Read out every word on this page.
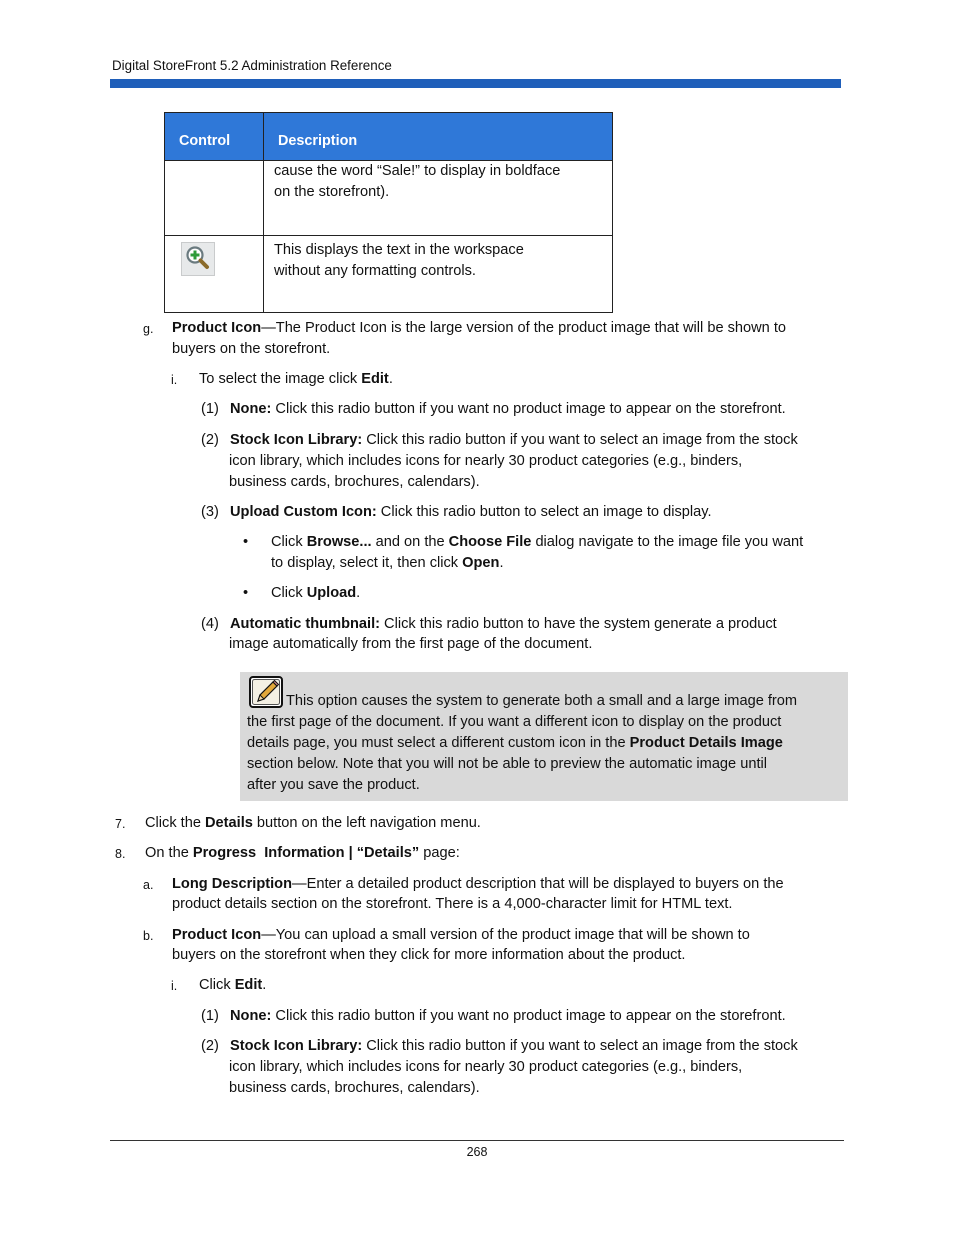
Digital StoreFront 5.2 Administration Reference
Control	Description

	cause the word “Sale!” to display in boldface
on the storefront).

This displays the text in the workspace
without any formatting controls.
g. Product Icon—The Product Icon is the large version of the product image that will be shown to
buyers on the storefront.
i. To select the image click Edit.
(1) None: Click this radio button if you want no product image to appear on the storefront.
(2) Stock Icon Library: Click this radio button if you want to select an image from the stock
icon library, which includes icons for nearly 30 product categories (e.g., binders,
business cards, brochures, calendars).
(3) Upload Custom Icon: Click this radio button to select an image to display.
• Click Browse... and on the Choose File dialog navigate to the image file you want
to display, select it, then click Open.
• Click Upload.
(4) Automatic thumbnail: Click this radio button to have the system generate a product
image automatically from the first page of the document.
This option causes the system to generate both a small and a large image from
the first page of the document. If you want a different icon to display on the product
details page, you must select a different custom icon in the Product Details Image
section below. Note that you will not be able to preview the automatic image until
after you save the product.
7. Click the Details button on the left navigation menu.
8. On the Progress  Information | “Details” page:
a. Long Description—Enter a detailed product description that will be displayed to buyers on the
product details section on the storefront. There is a 4,000-character limit for HTML text.
b. Product Icon—You can upload a small version of the product image that will be shown to
buyers on the storefront when they click for more information about the product.
i. Click Edit.
(1) None: Click this radio button if you want no product image to appear on the storefront.
(2) Stock Icon Library: Click this radio button if you want to select an image from the stock
icon library, which includes icons for nearly 30 product categories (e.g., binders,
business cards, brochures, calendars).
268
